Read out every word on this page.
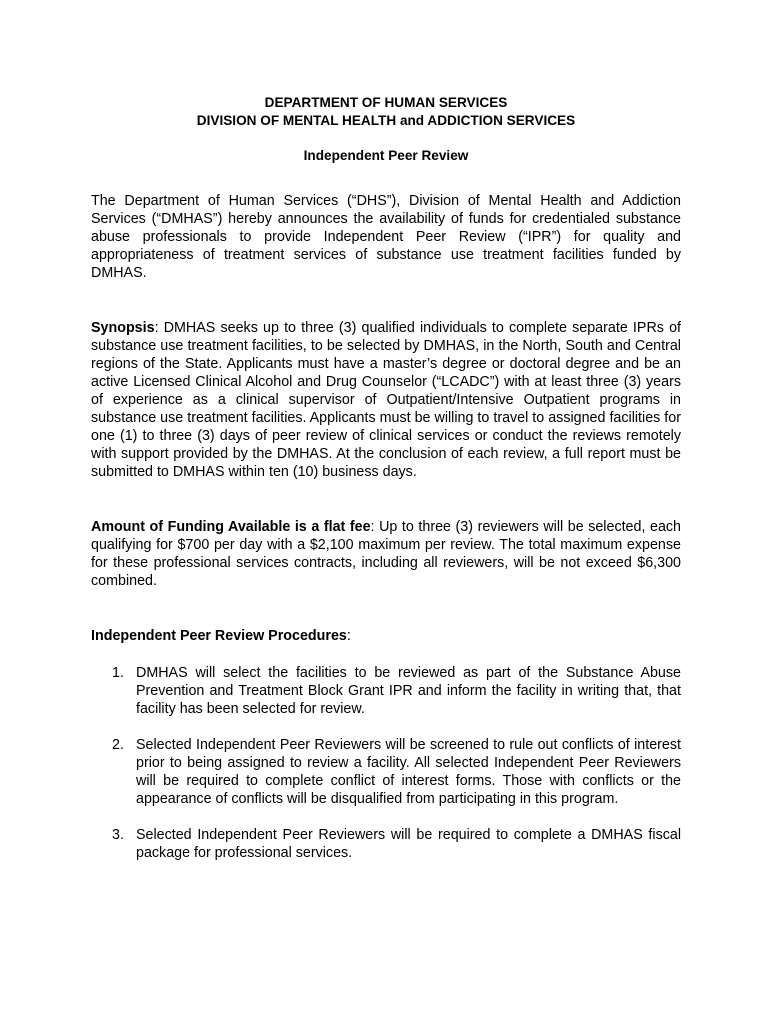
DEPARTMENT OF HUMAN SERVICES

DIVISION OF MENTAL HEALTH and ADDICTION SERVICES

Independent Peer Review

The Department of Human Services (“DHS”), Division of Mental Health and Addiction Services (“DMHAS”) hereby announces the availability of funds for credentialed substance abuse professionals to provide Independent Peer Review (“IPR”) for quality and appropriateness of treatment services of substance use treatment facilities funded by DMHAS.

Synopsis: DMHAS seeks up to three (3) qualified individuals to complete separate IPRs of substance use treatment facilities, to be selected by DMHAS, in the North, South and Central regions of the State. Applicants must have a master’s degree or doctoral degree and be an active Licensed Clinical Alcohol and Drug Counselor (“LCADC”) with at least three (3) years of experience as a clinical supervisor of Outpatient/Intensive Outpatient programs in substance use treatment facilities. Applicants must be willing to travel to assigned facilities for one (1) to three (3) days of peer review of clinical services or conduct the reviews remotely with support provided by the DMHAS. At the conclusion of each review, a full report must be submitted to DMHAS within ten (10) business days.

Amount of Funding Available is a flat fee: Up to three (3) reviewers will be selected, each qualifying for $700 per day with a $2,100 maximum per review. The total maximum expense for these professional services contracts, including all reviewers, will be not exceed $6,300 combined.

Independent Peer Review Procedures:

1. DMHAS will select the facilities to be reviewed as part of the Substance Abuse Prevention and Treatment Block Grant IPR and inform the facility in writing that, that facility has been selected for review.
2. Selected Independent Peer Reviewers will be screened to rule out conflicts of interest prior to being assigned to review a facility. All selected Independent Peer Reviewers will be required to complete conflict of interest forms. Those with conflicts or the appearance of conflicts will be disqualified from participating in this program.
3. Selected Independent Peer Reviewers will be required to complete a DMHAS fiscal package for professional services.
